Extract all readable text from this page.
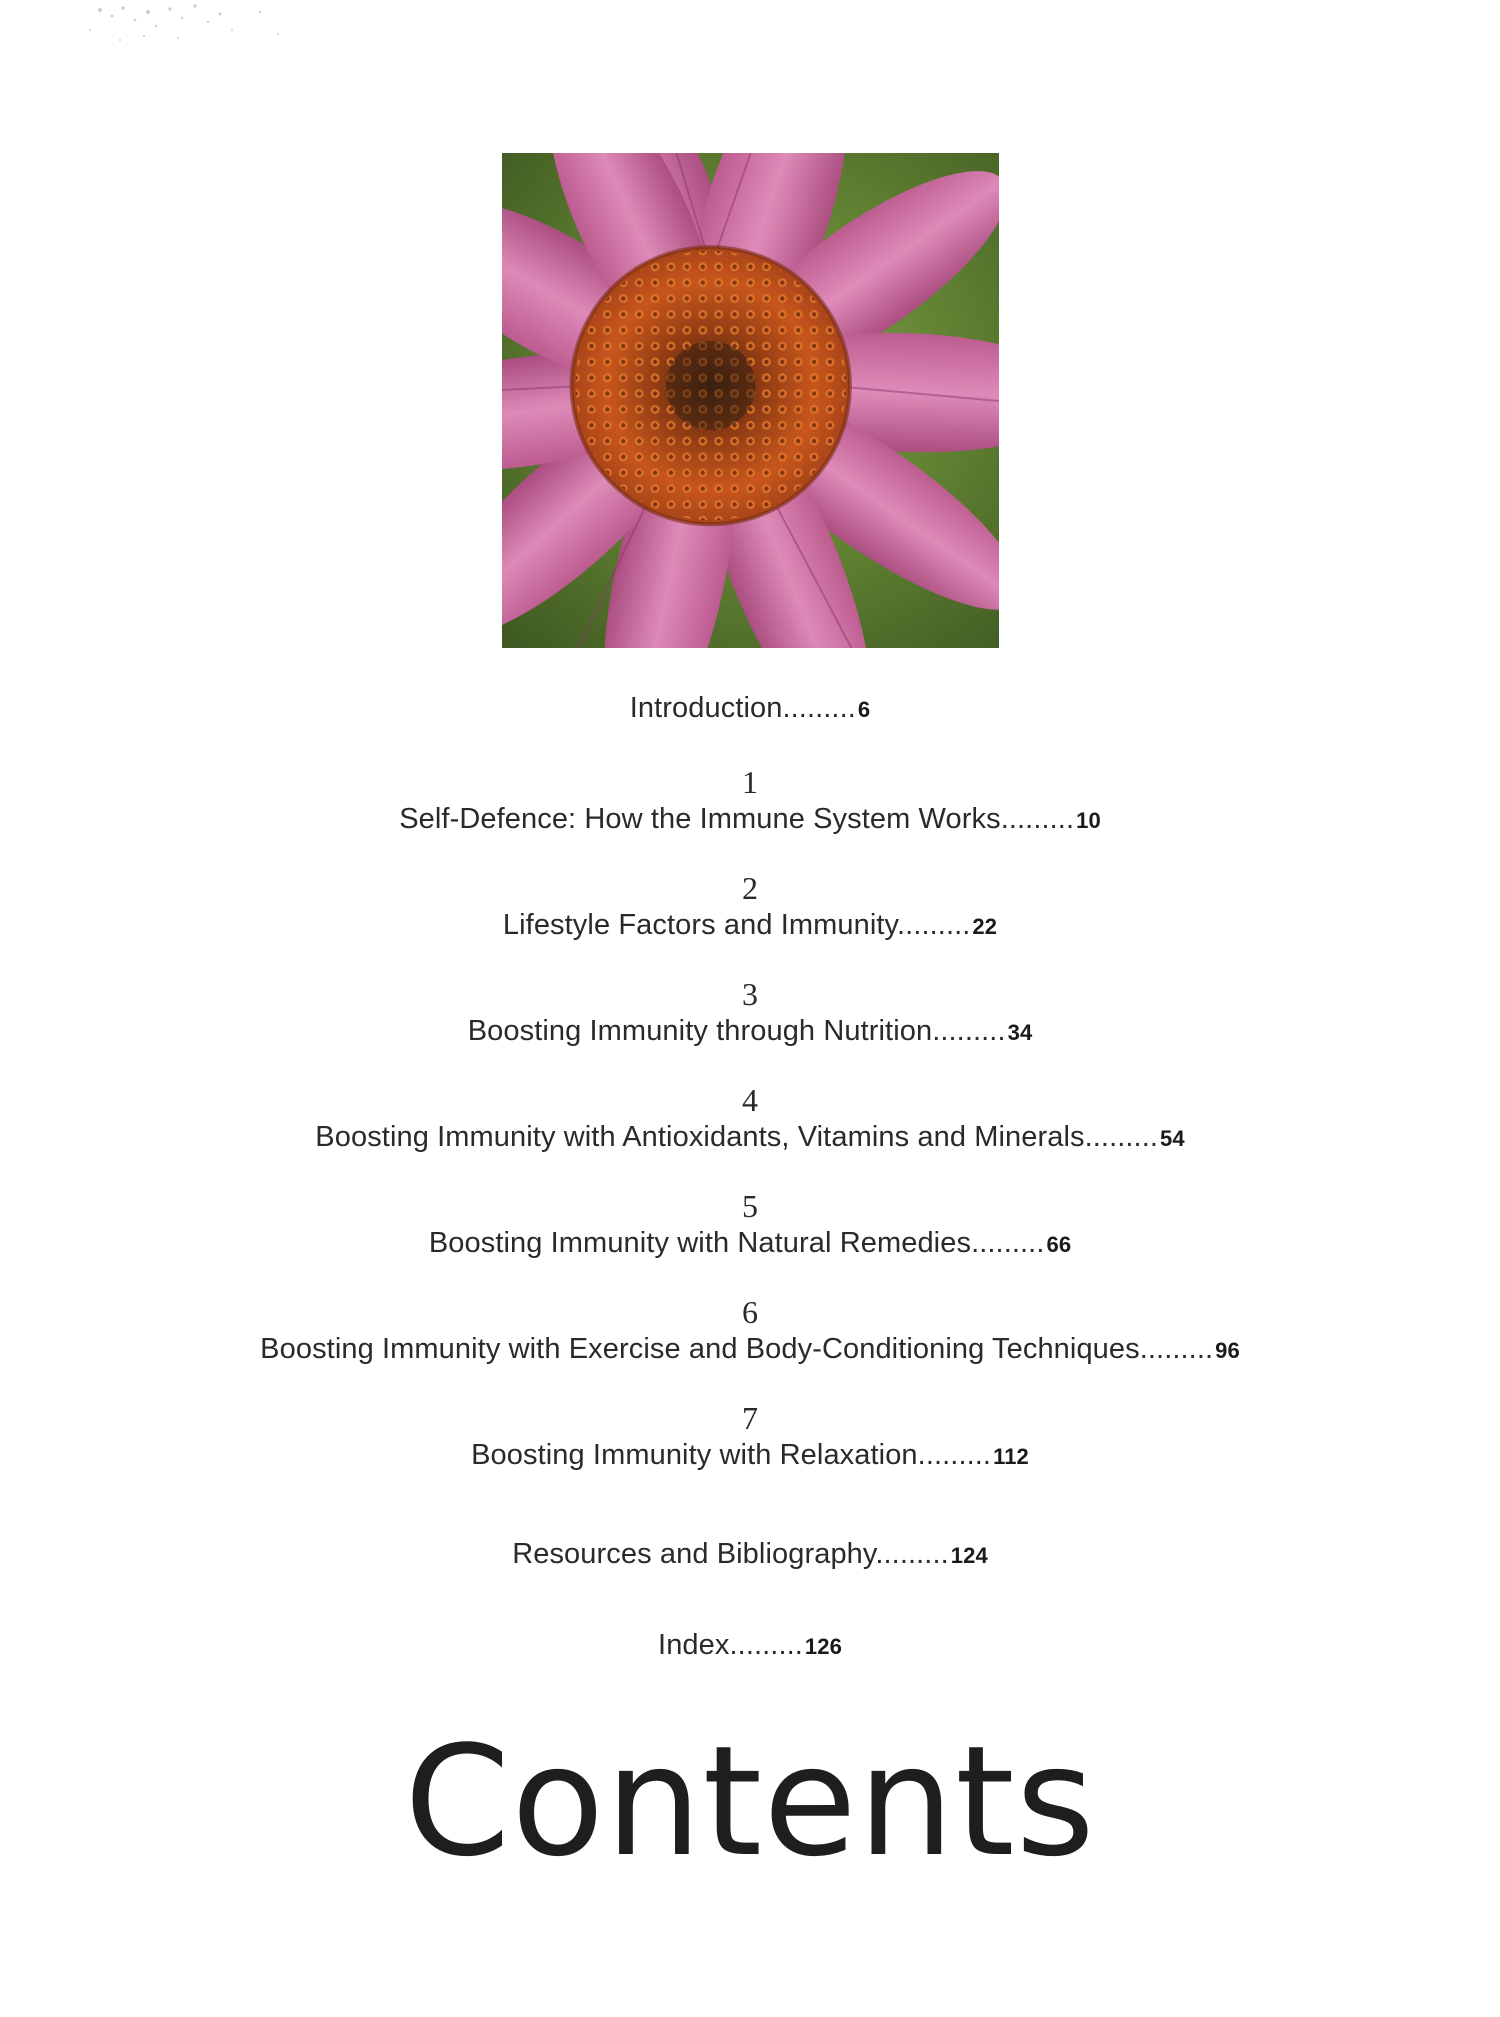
Introduction.........6
1
Self-Defence: How the Immune System Works.........10
2
Lifestyle Factors and Immunity.........22
3
Boosting Immunity through Nutrition.........34
4
Boosting Immunity with Antioxidants, Vitamins and Minerals.........54
5
Boosting Immunity with Natural Remedies.........66
6
Boosting Immunity with Exercise and Body-Conditioning Techniques.........96
7
Boosting Immunity with Relaxation.........112
Resources and Bibliography.........124
Index.........126
Contents
